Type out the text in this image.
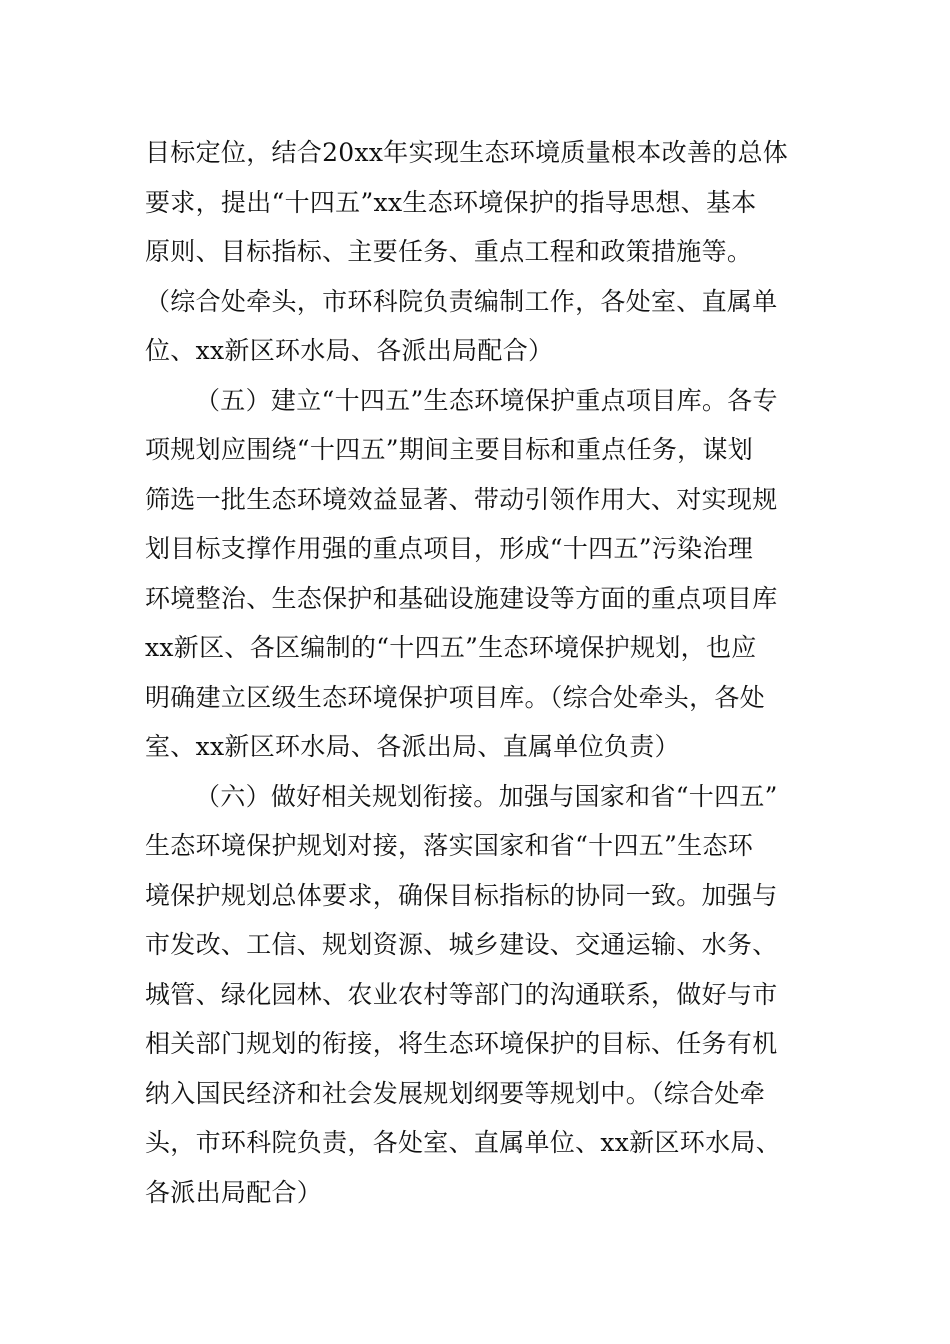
目标定位，结合20xx年实现生态环境质量根本改善的总体
要求，提出“十四五”xx生态环境保护的指导思想、基本
原则、目标指标、主要任务、重点工程和政策措施等。
（综合处牵头，市环科院负责编制工作，各处室、直属单
位、xx新区环水局、各派出局配合）
（五）建立“十四五”生态环境保护重点项目库。各专
项规划应围绕“十四五”期间主要目标和重点任务，谋划
筛选一批生态环境效益显著、带动引领作用大、对实现规
划目标支撑作用强的重点项目，形成“十四五”污染治理
环境整治、生态保护和基础设施建设等方面的重点项目库
xx新区、各区编制的“十四五”生态环境保护规划，也应
明确建立区级生态环境保护项目库。（综合处牵头，各处
室、xx新区环水局、各派出局、直属单位负责）
（六）做好相关规划衔接。加强与国家和省“十四五”
生态环境保护规划对接，落实国家和省“十四五”生态环
境保护规划总体要求，确保目标指标的协同一致。加强与
市发改、工信、规划资源、城乡建设、交通运输、水务、
城管、绿化园林、农业农村等部门的沟通联系，做好与市
相关部门规划的衔接，将生态环境保护的目标、任务有机
纳入国民经济和社会发展规划纲要等规划中。（综合处牵
头，市环科院负责，各处室、直属单位、xx新区环水局、
各派出局配合）
